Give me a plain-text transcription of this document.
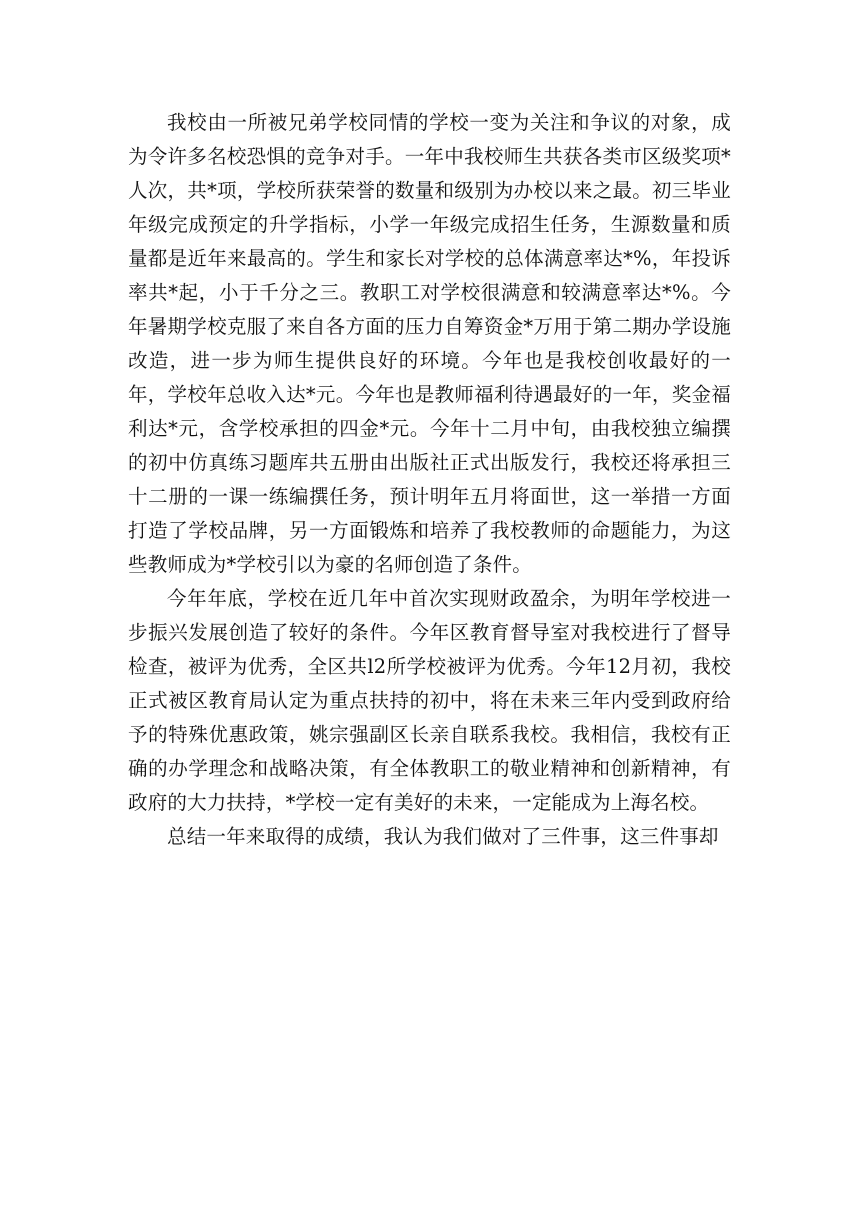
我校由一所被兄弟学校同情的学校一变为关注和争议的对象，成为令许多名校恐惧的竞争对手。一年中我校师生共获各类市区级奖项*人次，共*项，学校所获荣誉的数量和级别为办校以来之最。初三毕业年级完成预定的升学指标，小学一年级完成招生任务，生源数量和质量都是近年来最高的。学生和家长对学校的总体满意率达*%，年投诉率共*起，小于千分之三。教职工对学校很满意和较满意率达*%。今年暑期学校克服了来自各方面的压力自筹资金*万用于第二期办学设施改造，进一步为师生提供良好的环境。今年也是我校创收最好的一年，学校年总收入达*元。今年也是教师福利待遇最好的一年，奖金福利达*元，含学校承担的四金*元。今年十二月中旬，由我校独立编撰的初中仿真练习题库共五册由出版社正式出版发行，我校还将承担三十二册的一课一练编撰任务，预计明年五月将面世，这一举措一方面打造了学校品牌，另一方面锻炼和培养了我校教师的命题能力，为这些教师成为*学校引以为豪的名师创造了条件。

今年年底，学校在近几年中首次实现财政盈余，为明年学校进一步振兴发展创造了较好的条件。今年区教育督导室对我校进行了督导检查，被评为优秀，全区共l2所学校被评为优秀。今年12月初，我校正式被区教育局认定为重点扶持的初中，将在未来三年内受到政府给予的特殊优惠政策，姚宗强副区长亲自联系我校。我相信，我校有正确的办学理念和战略决策，有全体教职工的敬业精神和创新精神，有政府的大力扶持，*学校一定有美好的未来，一定能成为上海名校。

总结一年来取得的成绩，我认为我们做对了三件事，这三件事却
